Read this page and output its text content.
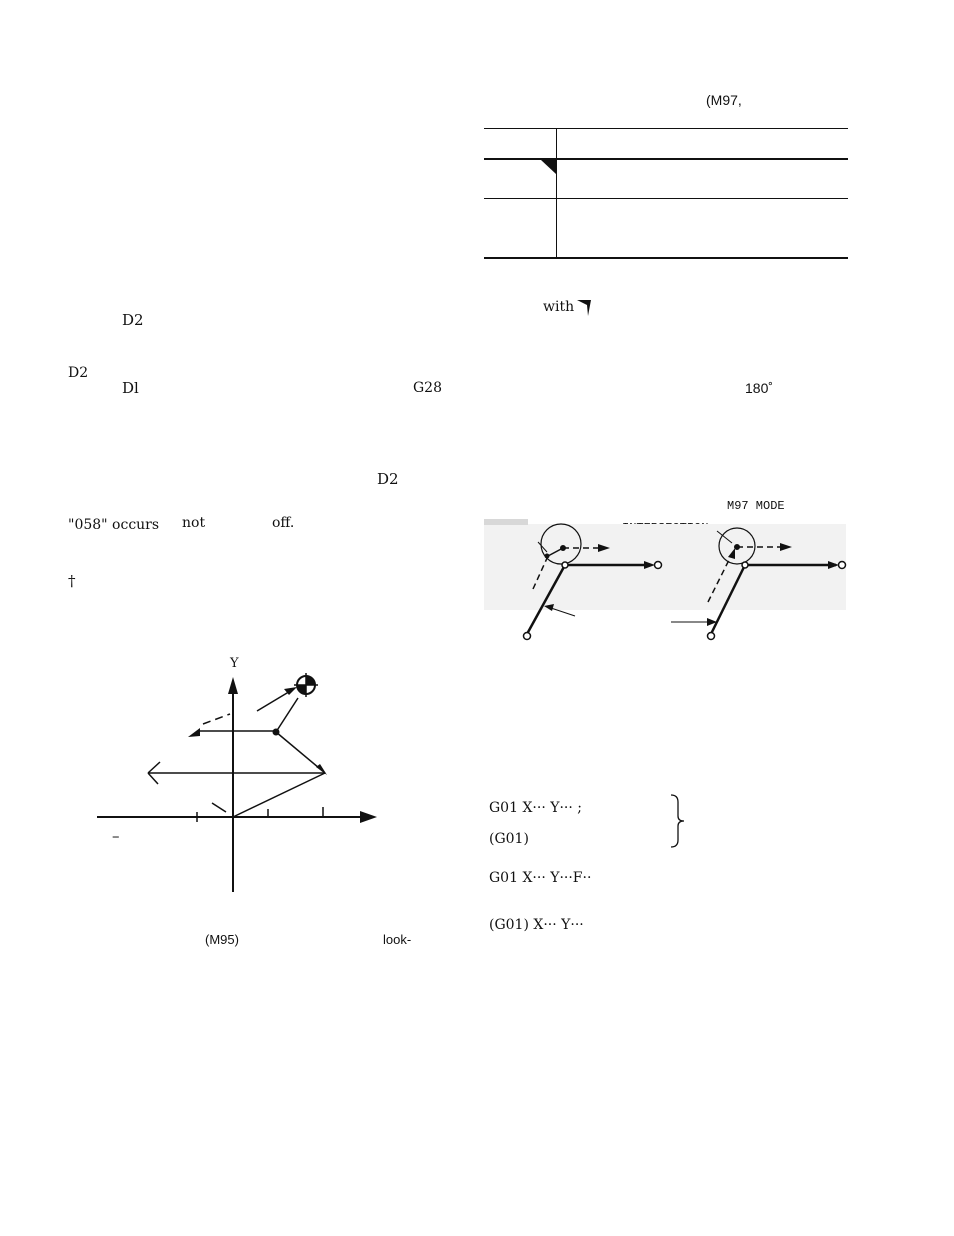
D2
D2
Dl	G28
D2
"058" occurs not	off.
†
Y
–
(M95)	look-
(M97,
with
180˚
M97 MODE
G01 X··· Y··· ;
(G01)
G01 X··· Y···F··
(G01) X··· Y···
